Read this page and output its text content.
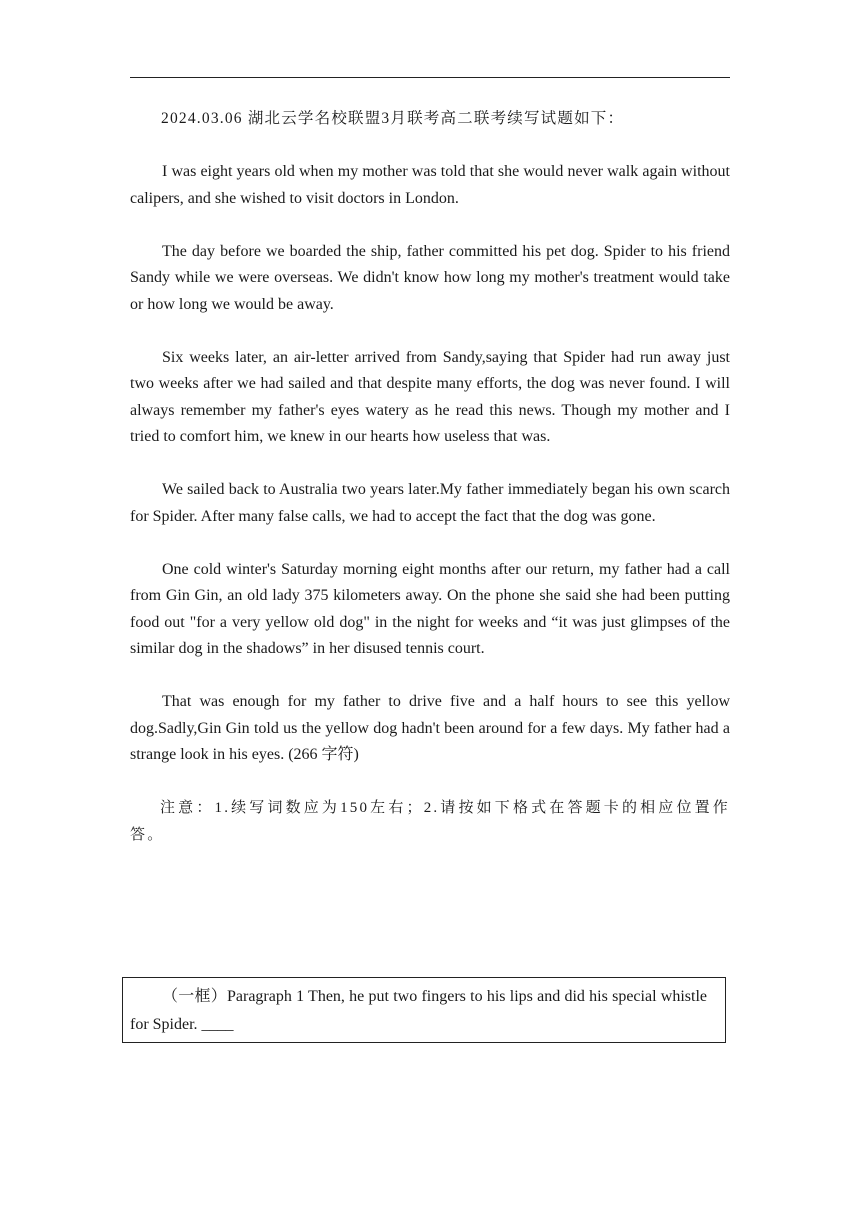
2024.03.06 湖北云学名校联盟3月联考高二联考续写试题如下：

I was eight years old when my mother was told that she would never walk again without calipers, and she wished to visit doctors in London.

The day before we boarded the ship, father committed his pet dog. Spider to his friend Sandy while we were overseas. We didn't know how long my mother's treatment would take or how long we would be away.

Six weeks later, an air-letter arrived from Sandy,saying that Spider had run away just two weeks after we had sailed and that despite many efforts, the dog was never found. I will always remember my father's eyes watery as he read this news. Though my mother and I tried to comfort him, we knew in our hearts how useless that was.

We sailed back to Australia two years later.My father immediately began his own scarch for Spider. After many false calls, we had to accept the fact that the dog was gone.

One cold winter's Saturday morning eight months after our return, my father had a call from Gin Gin, an old lady 375 kilometers away. On the phone she said she had been putting food out "for a very yellow old dog" in the night for weeks and “it was just glimpses of the similar dog in the shadows” in her disused tennis court.

That was enough for my father to drive five and a half hours to see this yellow dog.Sadly,Gin Gin told us the yellow dog hadn't been around for a few days. My father had a strange look in his eyes. (266 字符)

注意：1.续写词数应为150左右；2.请按如下格式在答题卡的相应位置作答。

（一框）Paragraph 1 Then, he put two fingers to his lips and did his special whistle for Spider. ____
